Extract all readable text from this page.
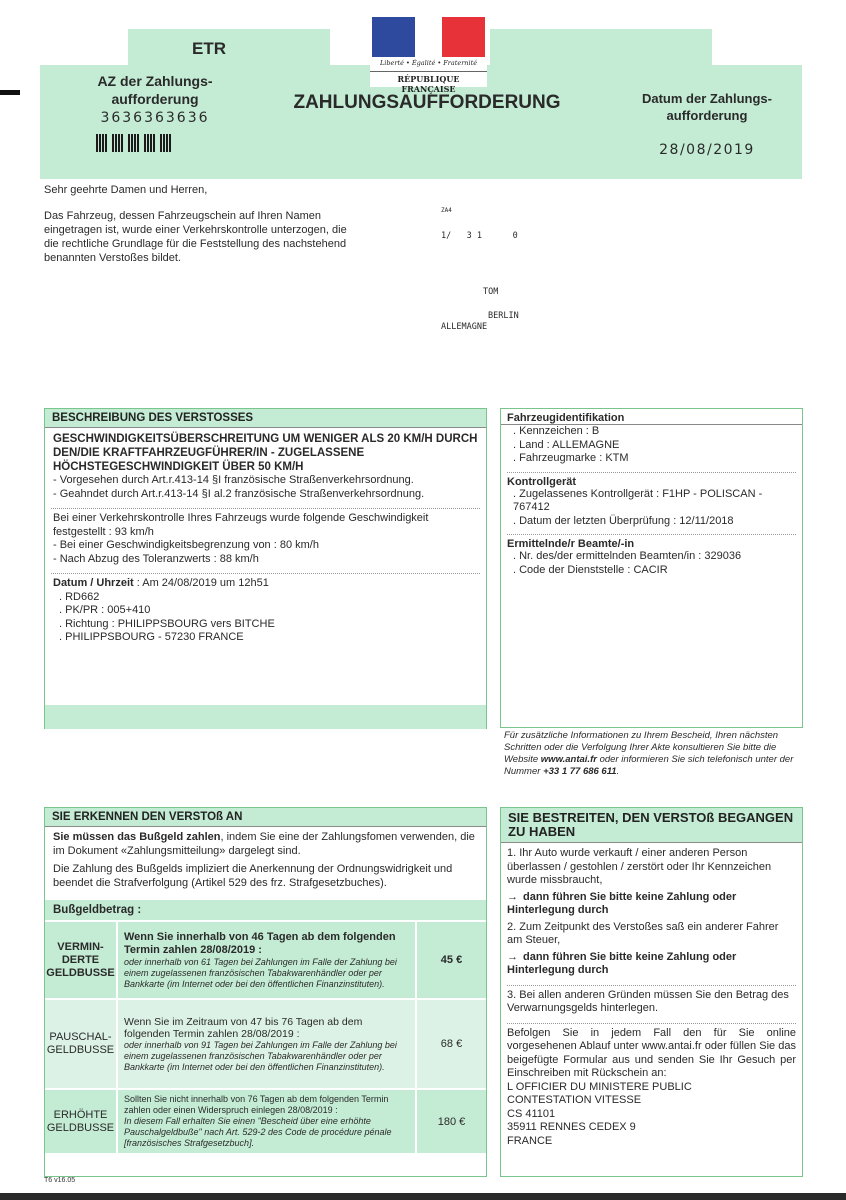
ETR
AZ der Zahlungs-
aufforderung
3636363636
Liberté • Égalité • Fraternité
RÉPUBLIQUE FRANÇAISE
ZAHLUNGSAUFFORDERUNG	Datum der Zahlungs-
aufforderung
28/08/2019
Sehr geehrte Damen und Herren,
Das Fahrzeug, dessen Fahrzeugschein auf Ihren Namen eingetragen ist, wurde einer Verkehrskontrolle unterzogen, die die rechtliche Grundlage für die Feststellung des nachstehend benannten Verstoßes bildet.
ZA4
1/   3 1      0
TOM
BERLIN
ALLEMAGNE
BESCHREIBUNG DES VERSTOSSES
GESCHWINDIGKEITSÜBERSCHREITUNG UM WENIGER ALS 20 KM/H DURCH DEN/DIE KRAFTFAHRZEUGFÜHRER/IN - ZUGELASSENE HÖCHSTEGESCHWINDIGKEIT ÜBER 50 KM/H
- Vorgesehen durch Art.r.413-14 §I französische Straßenverkehrsordnung.
- Geahndet durch Art.r.413-14 §I al.2 französische Straßenverkehrsordnung.
Bei einer Verkehrskontrolle Ihres Fahrzeugs wurde folgende Geschwindigkeit festgestellt : 93 km/h
- Bei einer Geschwindigkeitsbegrenzung von : 80 km/h
- Nach Abzug des Toleranzwerts : 88 km/h
Datum / Uhrzeit : Am 24/08/2019 um 12h51
. RD662
. PK/PR : 005+410
. Richtung : PHILIPPSBOURG vers BITCHE
. PHILIPPSBOURG - 57230 FRANCE
Fahrzeugidentifikation
. Kennzeichen : B
. Land : ALLEMAGNE
. Fahrzeugmarke : KTM
Kontrollgerät
. Zugelassenes Kontrollgerät : F1HP - POLISCAN - 767412
. Datum der letzten Überprüfung : 12/11/2018
Ermittelnde/r Beamte/-in
. Nr. des/der ermittelnden Beamten/in : 329036
. Code der Dienststelle : CACIR
Für zusätzliche Informationen zu Ihrem Bescheid, Ihren nächsten Schritten oder die Verfolgung Ihrer Akte konsultieren Sie bitte die Website www.antai.fr oder informieren Sie sich telefonisch unter der Nummer +33 1 77 686 611.
SIE ERKENNEN DEN VERSTOß AN
Sie müssen das Bußgeld zahlen, indem Sie eine der Zahlungsfomen verwenden, die im Dokument «Zahlungsmitteilung» dargelegt sind.
Die Zahlung des Bußgelds impliziert die Anerkennung der Ordnungswidrigkeit und beendet die Strafverfolgung (Artikel 529 des frz. Strafgesetzbuches).
Bußgeldbetrag :
VERMIN-DERTE GELDBUSSE	Wenn Sie innerhalb von 46 Tagen ab dem folgenden Termin zahlen 28/08/2019 :
oder innerhalb von 61 Tagen bei Zahlungen im Falle der Zahlung bei einem zugelassenen französischen Tabakwarenhändler oder per Bankkarte (im Internet oder bei den öffentlichen Finanzinstituten).	45 €
PAUSCHAL-GELDBUSSE	Wenn Sie im Zeitraum von 47 bis 76 Tagen ab dem folgenden Termin zahlen 28/08/2019 :
oder innerhalb von 91 Tagen bei Zahlungen im Falle der Zahlung bei einem zugelassenen französischen Tabakwarenhändler oder per Bankkarte (im Internet oder bei den öffentlichen Finanzinstituten).	68 €
ERHÖHTE GELDBUSSE	Sollten Sie nicht innerhalb von 76 Tagen ab dem folgenden Termin zahlen oder einen Widerspruch einlegen 28/08/2019 :
In diesem Fall erhalten Sie einen "Bescheid über eine erhöhte Pauschalgeldbuße" nach Art. 529-2 des Code de procédure pénale [französisches Strafgesetzbuch].	180 €
SIE BESTREITEN, DEN VERSTOß BEGANGEN ZU HABEN
1. Ihr Auto wurde verkauft / einer anderen Person überlassen / gestohlen / zerstört oder Ihr Kennzeichen wurde missbraucht,
→ dann führen Sie bitte keine Zahlung oder Hinterlegung durch
2. Zum Zeitpunkt des Verstoßes saß ein anderer Fahrer am Steuer,
→ dann führen Sie bitte keine Zahlung oder Hinterlegung durch
3. Bei allen anderen Gründen müssen Sie den Betrag des Verwarnungsgelds hinterlegen.
Befolgen Sie in jedem Fall den für Sie online vorgesehenen Ablauf unter www.antai.fr oder füllen Sie das beigefügte Formular aus und senden Sie Ihr Gesuch per Einschreiben mit Rückschein an:
L OFFICIER DU MINISTERE PUBLIC
CONTESTATION VITESSE
CS 41101
35911 RENNES CEDEX 9
FRANCE
T6 v16.05
